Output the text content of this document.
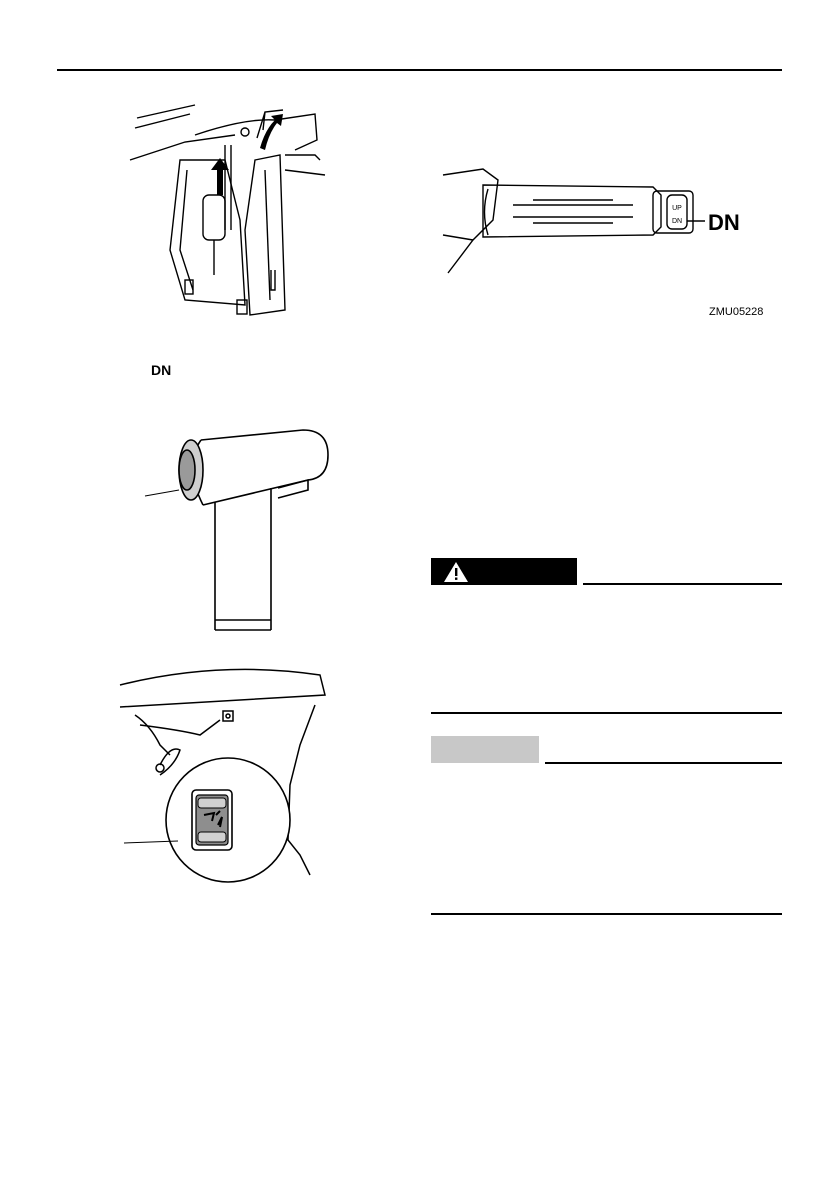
DN
UP
DN DN
ZMU05228
